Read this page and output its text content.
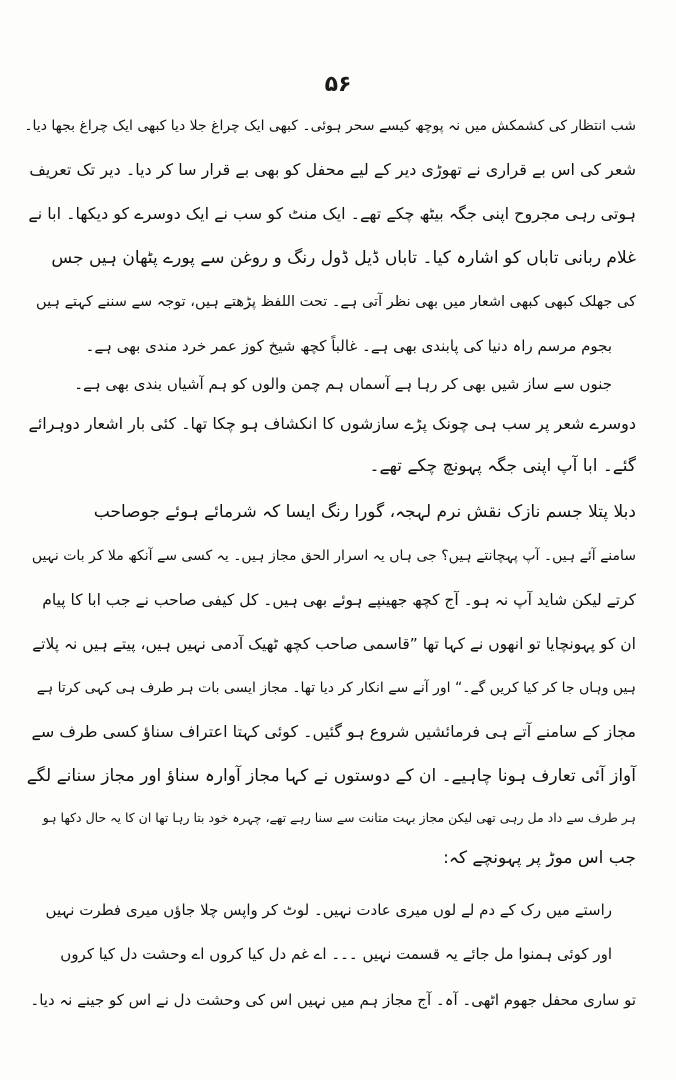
۵۶
شب انتظار کی کشمکش میں نہ پوچھ کیسے سحر ہوئی۔ کبھی ایک چراغ جلا دیا کبھی ایک چراغ بجھا دیا۔
شعر کی اس بے قراری نے تھوڑی دیر کے لیے محفل کو بھی بے قرار سا کر دیا۔ دیر تک تعریف
ہوتی رہی مجروح اپنی جگہ بیٹھ چکے تھے۔ ایک منٹ کو سب نے ایک دوسرے کو دیکھا۔ ابا نے
غلام ربانی تاباں کو اشارہ کیا۔ تاباں ڈیل ڈول رنگ و روغن سے پورے پٹھان ہیں جس
کی جھلک کبھی کبھی اشعار میں بھی نظر آتی ہے۔ تحت اللفظ پڑھتے ہیں، توجہ سے سننے کہتے ہیں
بجوم مرسم راہ دنیا کی پابندی بھی ہے۔ غالباً کچھ شیخ کوز عمر خرد مندی بھی ہے۔
جنوں سے ساز شیں بھی کر رہا ہے آسماں ہم چمن والوں کو ہم آشیاں بندی بھی ہے۔
دوسرے شعر پر سب ہی چونک پڑے سازشوں کا انکشاف ہو چکا تھا۔ کئی بار اشعار دوہرائے
گئے۔ ابا آپ اپنی جگہ پہونچ چکے تھے۔
دبلا پتلا جسم نازک نقش نرم لہجہ، گورا رنگ ایسا کہ شرمائے ہوئے جوصاحب
سامنے آئے ہیں۔ آپ پہچانتے ہیں؟ جی ہاں یہ اسرار الحق مجاز ہیں۔ یہ کسی سے آنکھ ملا کر بات نہیں
کرتے لیکن شاید آپ نہ ہو۔ آج کچھ جھینپے ہوئے بھی ہیں۔ کل کیفی صاحب نے جب ابا کا پیام
ان کو پہونچایا تو انھوں نے کہا تھا ”قاسمی صاحب کچھ ٹھیک آدمی نہیں ہیں، پیتے ہیں نہ پلاتے
ہیں وہاں جا کر کیا کریں گے۔“ اور آنے سے انکار کر دیا تھا۔ مجاز ایسی بات ہر طرف ہی کہی کرتا ہے
مجاز کے سامنے آتے ہی فرمائشیں شروع ہو گئیں۔ کوئی کہتا اعتراف سناؤ کسی طرف سے
آواز آئی تعارف ہونا چاہیے۔ ان کے دوستوں نے کہا مجاز آوارہ سناؤ اور مجاز سنانے لگے
ہر طرف سے داد مل رہی تھی لیکن مجاز بہت متانت سے سنا رہے تھے، چہرہ خود بتا رہا تھا ان کا یہ حال دکھا ہو
جب اس موڑ پر پہونچے کہ:
راستے میں رک کے دم لے لوں میری عادت نہیں۔ لوٹ کر واپس چلا جاؤں میری فطرت نہیں
اور کوئی ہمنوا مل جائے یہ قسمت نہیں ۔۔۔ اے غم دل کیا کروں اے وحشت دل کیا کروں
تو ساری محفل جھوم اٹھی۔ آہ۔ آج مجاز ہم میں نہیں اس کی وحشت دل نے اس کو جینے نہ دیا۔
